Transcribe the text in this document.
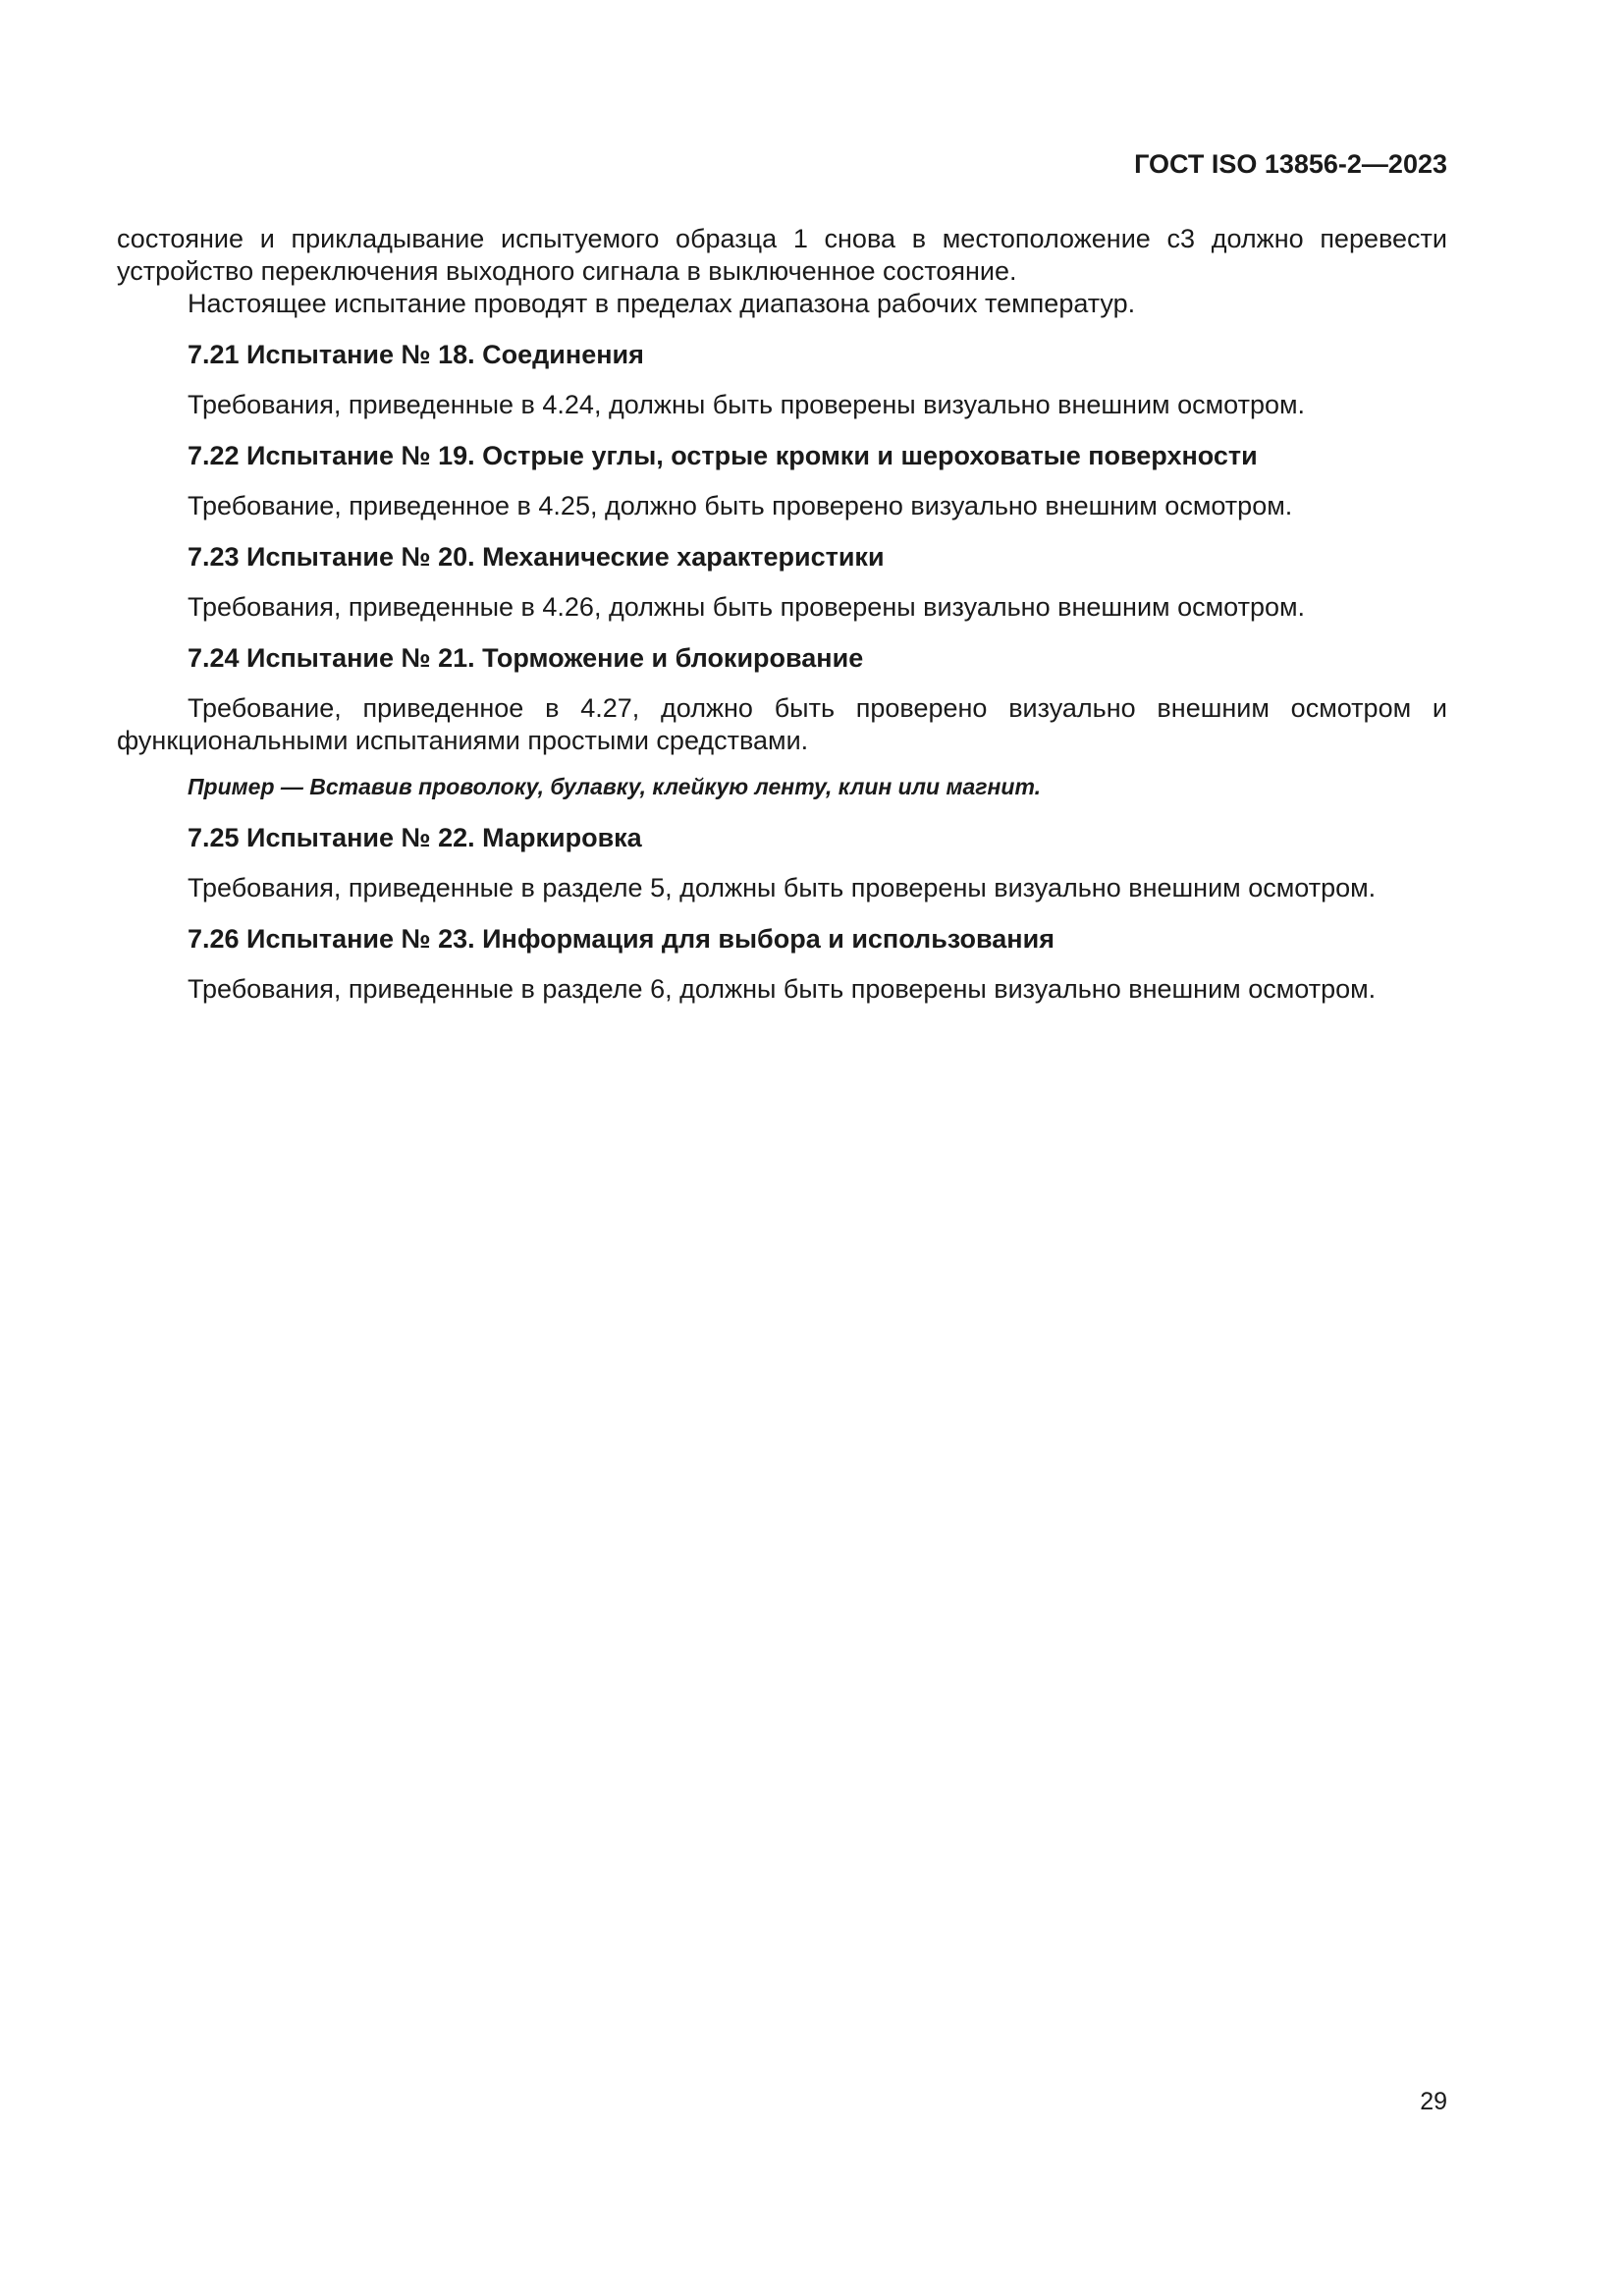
ГОСТ ISO 13856-2—2023

состояние и прикладывание испытуемого образца 1 снова в местоположение с3 должно перевести устройство переключения выходного сигнала в выключенное состояние.

Настоящее испытание проводят в пределах диапазона рабочих температур.

7.21 Испытание № 18. Соединения

Требования, приведенные в 4.24, должны быть проверены визуально внешним осмотром.

7.22 Испытание № 19. Острые углы, острые кромки и шероховатые поверхности

Требование, приведенное в 4.25, должно быть проверено визуально внешним осмотром.

7.23 Испытание № 20. Механические характеристики

Требования, приведенные в 4.26, должны быть проверены визуально внешним осмотром.

7.24 Испытание № 21. Торможение и блокирование

Требование, приведенное в 4.27, должно быть проверено визуально внешним осмотром и функциональными испытаниями простыми средствами.

Пример — Вставив проволоку, булавку, клейкую ленту, клин или магнит.

7.25 Испытание № 22. Маркировка

Требования, приведенные в разделе 5, должны быть проверены визуально внешним осмотром.

7.26 Испытание № 23. Информация для выбора и использования

Требования, приведенные в разделе 6, должны быть проверены визуально внешним осмотром.

29
